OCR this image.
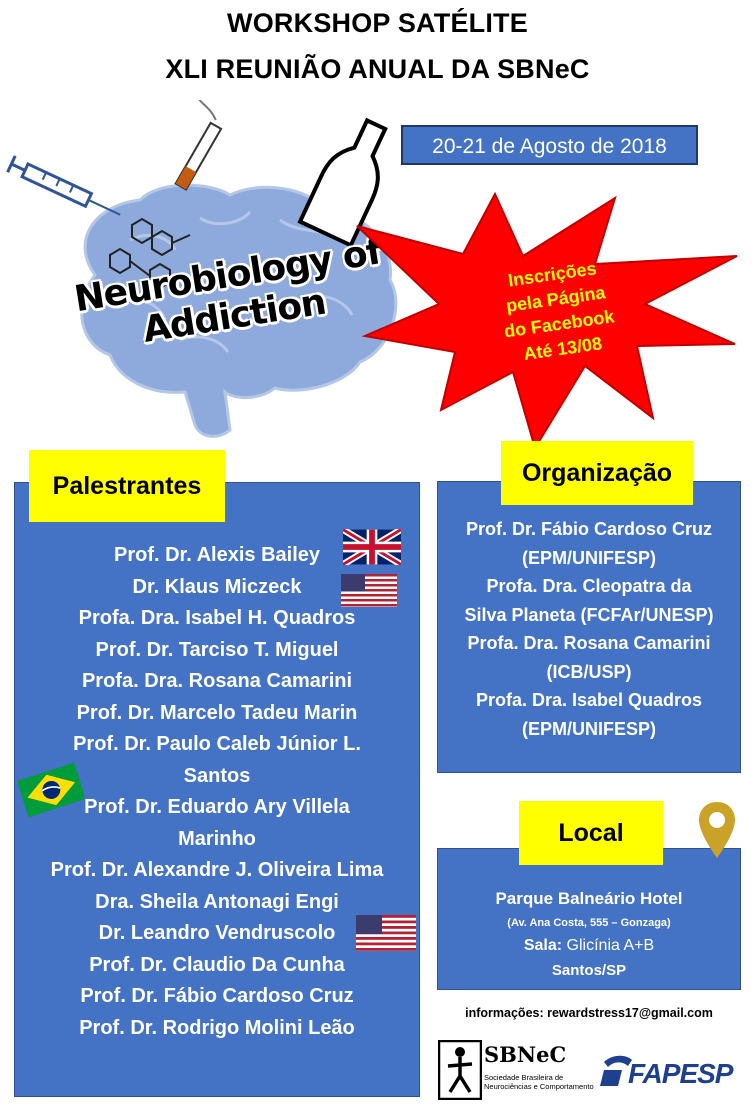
WORKSHOP SATÉLITE
XLI REUNIÃO ANUAL DA SBNeC
Neurobiology of Addiction
20-21 de Agosto de 2018
Inscrições
pela Página
do Facebook
Até 13/08
Palestrantes
Prof. Dr. Alexis Bailey
Dr. Klaus Miczeck
Profa. Dra. Isabel H. Quadros
Prof. Dr. Tarciso T. Miguel
Profa. Dra. Rosana Camarini
Prof. Dr. Marcelo Tadeu Marin
Prof. Dr. Paulo Caleb Júnior L. Santos
Prof. Dr. Eduardo Ary Villela Marinho
Prof. Dr. Alexandre J. Oliveira Lima
Dra. Sheila Antonagi Engi
Dr. Leandro Vendruscolo
Prof. Dr. Claudio Da Cunha
Prof. Dr. Fábio Cardoso Cruz
Prof. Dr. Rodrigo Molini Leão
Organização
Prof. Dr. Fábio Cardoso Cruz
(EPM/UNIFESP)
Profa. Dra. Cleopatra da
Silva Planeta (FCFAr/UNESP)
Profa. Dra. Rosana Camarini
(ICB/USP)
Profa. Dra. Isabel Quadros
(EPM/UNIFESP)
Local
Parque Balneário Hotel
(Av. Ana Costa, 555 – Gonzaga)
Sala: Glicínia A+B
Santos/SP
informações: rewardstress17@gmail.com
SBNeC
Sociedade Brasileira de
Neurociências e Comportamento FAPESP
